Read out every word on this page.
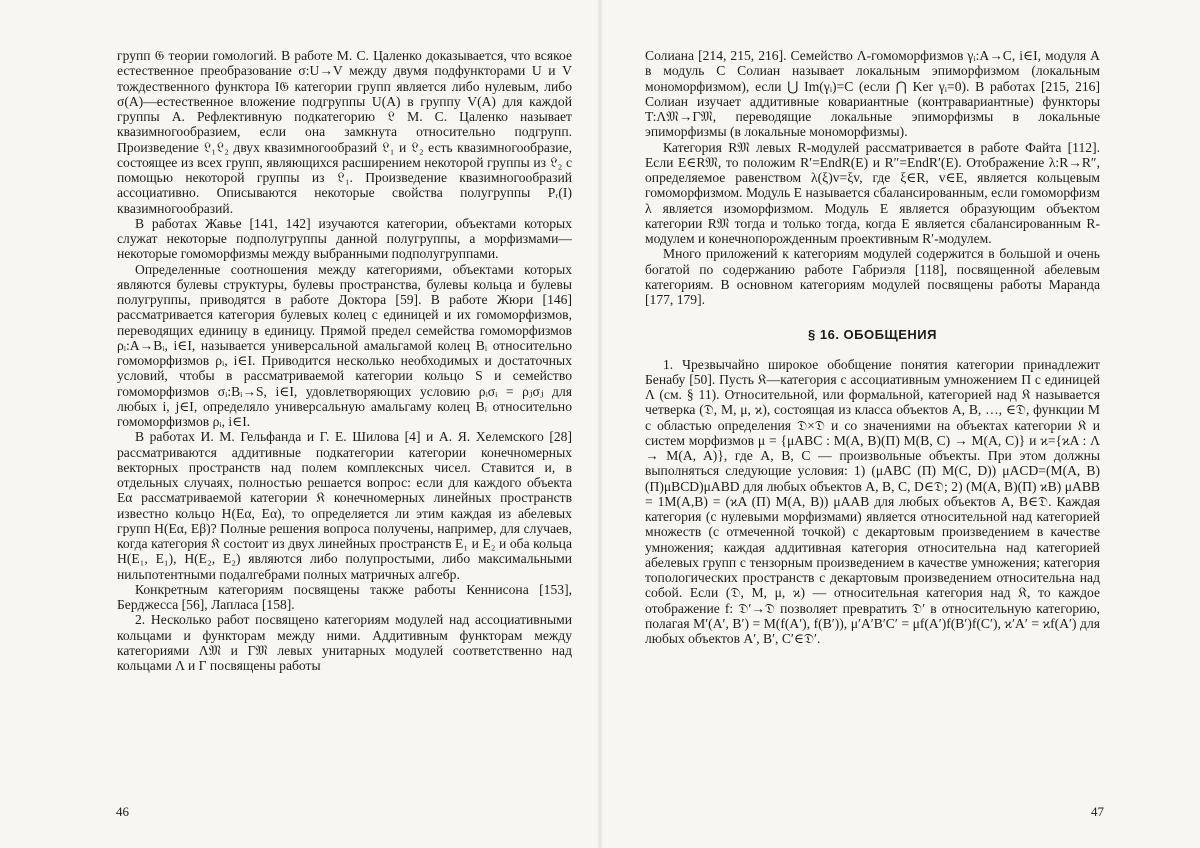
групп 𝔊 теории гомологий. В работе М. С. Цаленко доказывается, что всякое естественное преобразование σ:U→V между двумя подфункторами U и V тождественного функтора I𝔊 категории групп является либо нулевым, либо σ(A)—естественное вложение подгруппы U(A) в группу V(A) для каждой группы A. Рефлективную подкатегорию 𝔏 М. С. Цаленко называет квазимногообразием, если она замкнута относительно подгрупп. Произведение 𝔏₁𝔏₂ двух квазимногообразий 𝔏₁ и 𝔏₂ есть квазимногообразие, состоящее из всех групп, являющихся расширением некоторой группы из 𝔏₂ с помощью некоторой группы из 𝔏₁. Произведение квазимногообразий ассоциативно. Описываются некоторые свойства полугруппы Pᵣ(I) квазимногообразий.

В работах Жавье [141, 142] изучаются категории, объектами которых служат некоторые подполугруппы данной полугруппы, а морфизмами—некоторые гомоморфизмы между выбранными подполугруппами.

Определенные соотношения между категориями, объектами которых являются булевы структуры, булевы пространства, булевы кольца и булевы полугруппы, приводятся в работе Доктора [59]. В работе Жюри [146] рассматривается категория булевых колец с единицей и их гомоморфизмов, переводящих единицу в единицу. Прямой предел семейства гомоморфизмов ρᵢ:A→Bᵢ, i∈I, называется универсальной амальгамой колец Bᵢ относительно гомоморфизмов ρᵢ, i∈I. Приводится несколько необходимых и достаточных условий, чтобы в рассматриваемой категории кольцо S и семейство гомоморфизмов σᵢ:Bᵢ→S, i∈I, удовлетворяющих условию ρᵢσᵢ = ρⱼσⱼ для любых i, j∈I, определяло универсальную амальгаму колец Bᵢ относительно гомоморфизмов ρᵢ, i∈I.

В работах И. М. Гельфанда и Г. Е. Шилова [4] и А. Я. Хелемского [28] рассматриваются аддитивные подкатегории категории конечномерных векторных пространств над полем комплексных чисел. Ставится и, в отдельных случаях, полностью решается вопрос: если для каждого объекта Eα рассматриваемой категории 𝔎 конечномерных линейных пространств известно кольцо H(Eα, Eα), то определяется ли этим каждая из абелевых групп H(Eα, Eβ)? Полные решения вопроса получены, например, для случаев, когда категория 𝔎 состоит из двух линейных пространств E₁ и E₂ и оба кольца H(E₁, E₁), H(E₂, E₂) являются либо полупростыми, либо максимальными нильпотентными подалгебрами полных матричных алгебр.

Конкретным категориям посвящены также работы Кеннисона [153], Берджесса [56], Лапласа [158].

2. Несколько работ посвящено категориям модулей над ассоциативными кольцами и функторам между ними. Аддитивным функторам между категориями Λ𝔐 и Γ𝔐 левых унитарных модулей соответственно над кольцами Λ и Γ посвящены работы

46

Солиана [214, 215, 216]. Семейство Λ-гомоморфизмов γᵢ:A→C, i∈I, модуля A в модуль C Солиан называет локальным эпиморфизмом (локальным мономорфизмом), если ⋃ Im(γᵢ)=C (если ⋂ Ker γᵢ=0). В работах [215, 216] Солиан изучает аддитивные ковариантные (контравариантные) функторы T:Λ𝔐→Γ𝔐, переводящие локальные эпиморфизмы в локальные эпиморфизмы (в локальные мономорфизмы).

Категория R𝔐 левых R-модулей рассматривается в работе Файта [112]. Если E∈R𝔐, то положим R′=EndR(E) и R″=EndR′(E). Отображение λ:R→R″, определяемое равенством λ(ξ)v=ξv, где ξ∈R, v∈E, является кольцевым гомоморфизмом. Модуль E называется сбалансированным, если гомоморфизм λ является изоморфизмом. Модуль E является образующим объектом категории R𝔐 тогда и только тогда, когда E является сбалансированным R-модулем и конечнопорожденным проективным R′-модулем.

Много приложений к категориям модулей содержится в большой и очень богатой по содержанию работе Габриэля [118], посвященной абелевым категориям. В основном категориям модулей посвящены работы Маранда [177, 179].

§ 16. ОБОБЩЕНИЯ

1. Чрезвычайно широкое обобщение понятия категории принадлежит Бенабу [50]. Пусть 𝔎—категория с ассоциативным умножением Π с единицей Λ (см. § 11). Относительной, или формальной, категорией над 𝔎 называется четверка (𝔇, M, μ, ϰ), состоящая из класса объектов A, B, …, ∈𝔇, функции M с областью определения 𝔇×𝔇 и со значениями на объектах категории 𝔎 и систем морфизмов μ = {μABC : M(A, B)(Π) M(B, C) → M(A, C)} и ϰ={ϰA : Λ → M(A, A)}, где A, B, C — произвольные объекты. При этом должны выполняться следующие условия: 1) (μABC (Π) M(C, D)) μACD=(M(A, B)(Π)μBCD)μABD для любых объектов A, B, C, D∈𝔇; 2) (M(A, B)(Π) ϰB) μABB = 1M(A,B) = (ϰA (Π) M(A, B)) μAAB для любых объектов A, B∈𝔇. Каждая категория (с нулевыми морфизмами) является относительной над категорией множеств (с отмеченной точкой) с декартовым произведением в качестве умножения; каждая аддитивная категория относительна над категорией абелевых групп с тензорным произведением в качестве умножения; категория топологических пространств с декартовым произведением относительна над собой. Если (𝔇, M, μ, ϰ) — относительная категория над 𝔎, то каждое отображение f: 𝔇′→𝔇 позволяет превратить 𝔇′ в относительную категорию, полагая M′(A′, B′) = M(f(A′), f(B′)), μ′A′B′C′ = μf(A′)f(B′)f(C′), ϰ′A′ = ϰf(A′) для любых объектов A′, B′, C′∈𝔇′.

47
